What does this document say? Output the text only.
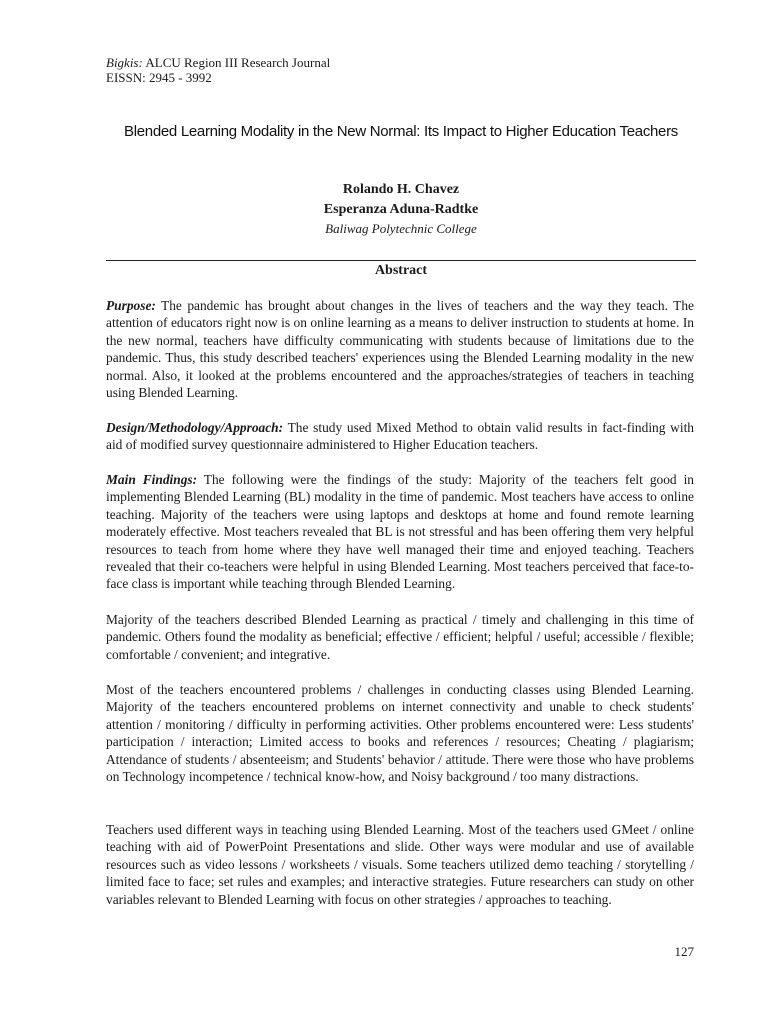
Bigkis: ALCU Region III Research Journal
EISSN: 2945 - 3992
Blended Learning Modality in the New Normal: Its Impact to Higher Education Teachers
Rolando H. Chavez
Esperanza Aduna-Radtke
Baliwag Polytechnic College
Abstract
Purpose: The pandemic has brought about changes in the lives of teachers and the way they teach. The attention of educators right now is on online learning as a means to deliver instruction to students at home. In the new normal, teachers have difficulty communicating with students because of limitations due to the pandemic. Thus, this study described teachers' experiences using the Blended Learning modality in the new normal. Also, it looked at the problems encountered and the approaches/strategies of teachers in teaching using Blended Learning.
Design/Methodology/Approach: The study used Mixed Method to obtain valid results in fact-finding with aid of modified survey questionnaire administered to Higher Education teachers.
Main Findings: The following were the findings of the study: Majority of the teachers felt good in implementing Blended Learning (BL) modality in the time of pandemic. Most teachers have access to online teaching. Majority of the teachers were using laptops and desktops at home and found remote learning moderately effective. Most teachers revealed that BL is not stressful and has been offering them very helpful resources to teach from home where they have well managed their time and enjoyed teaching. Teachers revealed that their co-teachers were helpful in using Blended Learning. Most teachers perceived that face-to-face class is important while teaching through Blended Learning.
Majority of the teachers described Blended Learning as practical / timely and challenging in this time of pandemic. Others found the modality as beneficial; effective / efficient; helpful / useful; accessible / flexible; comfortable / convenient; and integrative.
Most of the teachers encountered problems / challenges in conducting classes using Blended Learning. Majority of the teachers encountered problems on internet connectivity and unable to check students' attention / monitoring / difficulty in performing activities. Other problems encountered were: Less students' participation / interaction; Limited access to books and references / resources; Cheating / plagiarism; Attendance of students / absenteeism; and Students' behavior / attitude. There were those who have problems on Technology incompetence / technical know-how, and Noisy background / too many distractions.
Teachers used different ways in teaching using Blended Learning. Most of the teachers used GMeet / online teaching with aid of PowerPoint Presentations and slide. Other ways were modular and use of available resources such as video lessons / worksheets / visuals. Some teachers utilized demo teaching / storytelling / limited face to face; set rules and examples; and interactive strategies. Future researchers can study on other variables relevant to Blended Learning with focus on other strategies / approaches to teaching.
127
